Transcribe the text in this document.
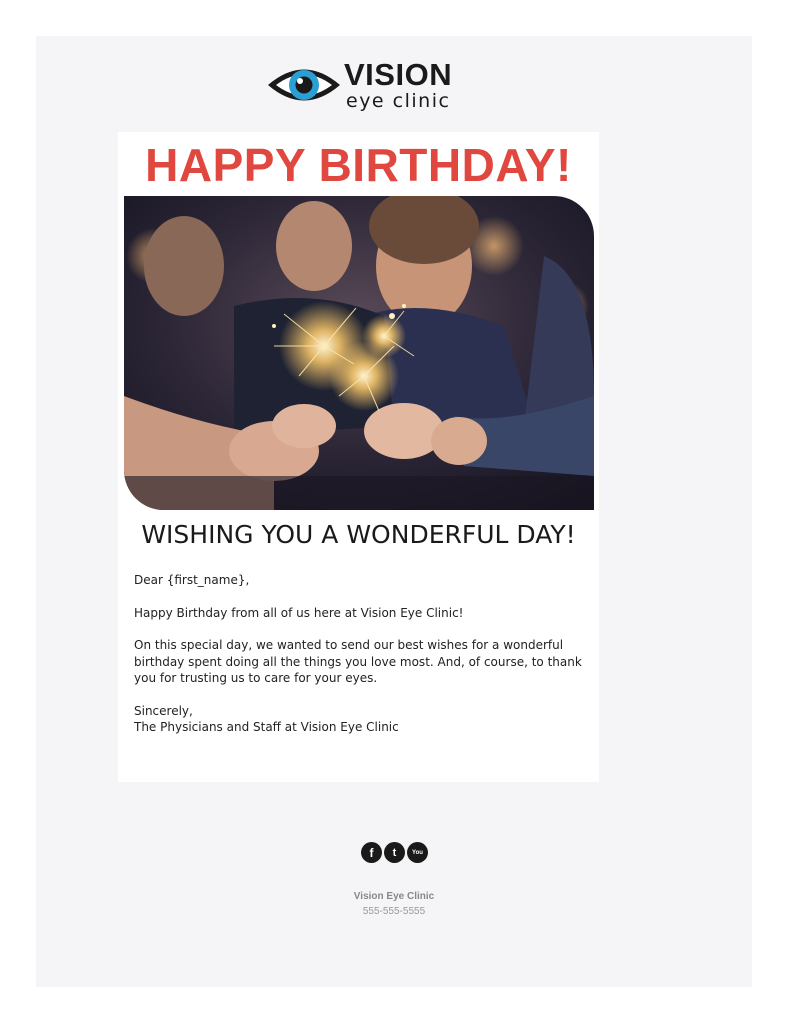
VISION
eye clinic
HAPPY BIRTHDAY!
WISHING YOU A WONDERFUL DAY!

Dear {first_name},

Happy Birthday from all of us here at Vision Eye Clinic!

On this special day, we wanted to send our best wishes for a wonderful birthday spent doing all the things you love most. And, of course, to thank you for trusting us to care for your eyes.

Sincerely,

The Physicians and Staff at Vision Eye Clinic

f	t	You
Vision Eye Clinic
555-555-5555
